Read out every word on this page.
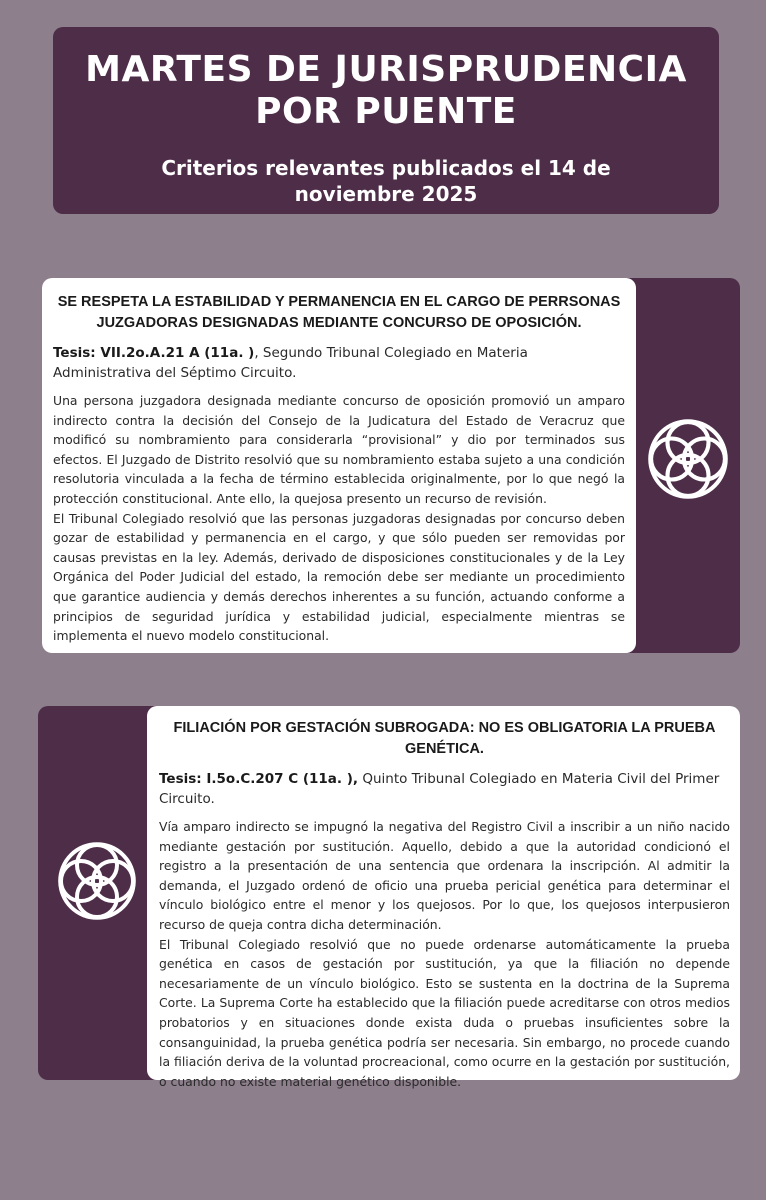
MARTES DE JURISPRUDENCIA POR PUENTE
Criterios relevantes publicados el 14 de noviembre 2025
SE RESPETA LA ESTABILIDAD Y PERMANENCIA EN EL CARGO DE PERRSONAS JUZGADORAS DESIGNADAS MEDIANTE CONCURSO DE OPOSICIÓN.
Tesis: VII.2o.A.21 A (11a. ), Segundo Tribunal Colegiado en Materia Administrativa del Séptimo Circuito.

Una persona juzgadora designada mediante concurso de oposición promovió un amparo indirecto contra la decisión del Consejo de la Judicatura del Estado de Veracruz que modificó su nombramiento para considerarla “provisional” y dio por terminados sus efectos. El Juzgado de Distrito resolvió que su nombramiento estaba sujeto a una condición resolutoria vinculada a la fecha de término establecida originalmente, por lo que negó la protección constitucional. Ante ello, la quejosa presento un recurso de revisión.

El Tribunal Colegiado resolvió que las personas juzgadoras designadas por concurso deben gozar de estabilidad y permanencia en el cargo, y que sólo pueden ser removidas por causas previstas en la ley. Además, derivado de disposiciones constitucionales y de la Ley Orgánica del Poder Judicial del estado, la remoción debe ser mediante un procedimiento que garantice audiencia y demás derechos inherentes a su función, actuando conforme a principios de seguridad jurídica y estabilidad judicial, especialmente mientras se implementa el nuevo modelo constitucional.

FILIACIÓN POR GESTACIÓN SUBROGADA: NO ES OBLIGATORIA LA PRUEBA GENÉTICA.
Tesis: I.5o.C.207 C (11a. ), Quinto Tribunal Colegiado en Materia Civil del Primer Circuito.

Vía amparo indirecto se impugnó la negativa del Registro Civil a inscribir a un niño nacido mediante gestación por sustitución. Aquello, debido a que la autoridad condicionó el registro a la presentación de una sentencia que ordenara la inscripción. Al admitir la demanda, el Juzgado ordenó de oficio una prueba pericial genética para determinar el vínculo biológico entre el menor y los quejosos. Por lo que, los quejosos interpusieron recurso de queja contra dicha determinación.

El Tribunal Colegiado resolvió que no puede ordenarse automáticamente la prueba genética en casos de gestación por sustitución, ya que la filiación no depende necesariamente de un vínculo biológico. Esto se sustenta en la doctrina de la Suprema Corte. La Suprema Corte ha establecido que la filiación puede acreditarse con otros medios probatorios y en situaciones donde exista duda o pruebas insuficientes sobre la consanguinidad, la prueba genética podría ser necesaria. Sin embargo, no procede cuando la filiación deriva de la voluntad procreacional, como ocurre en la gestación por sustitución, o cuando no existe material genético disponible.
